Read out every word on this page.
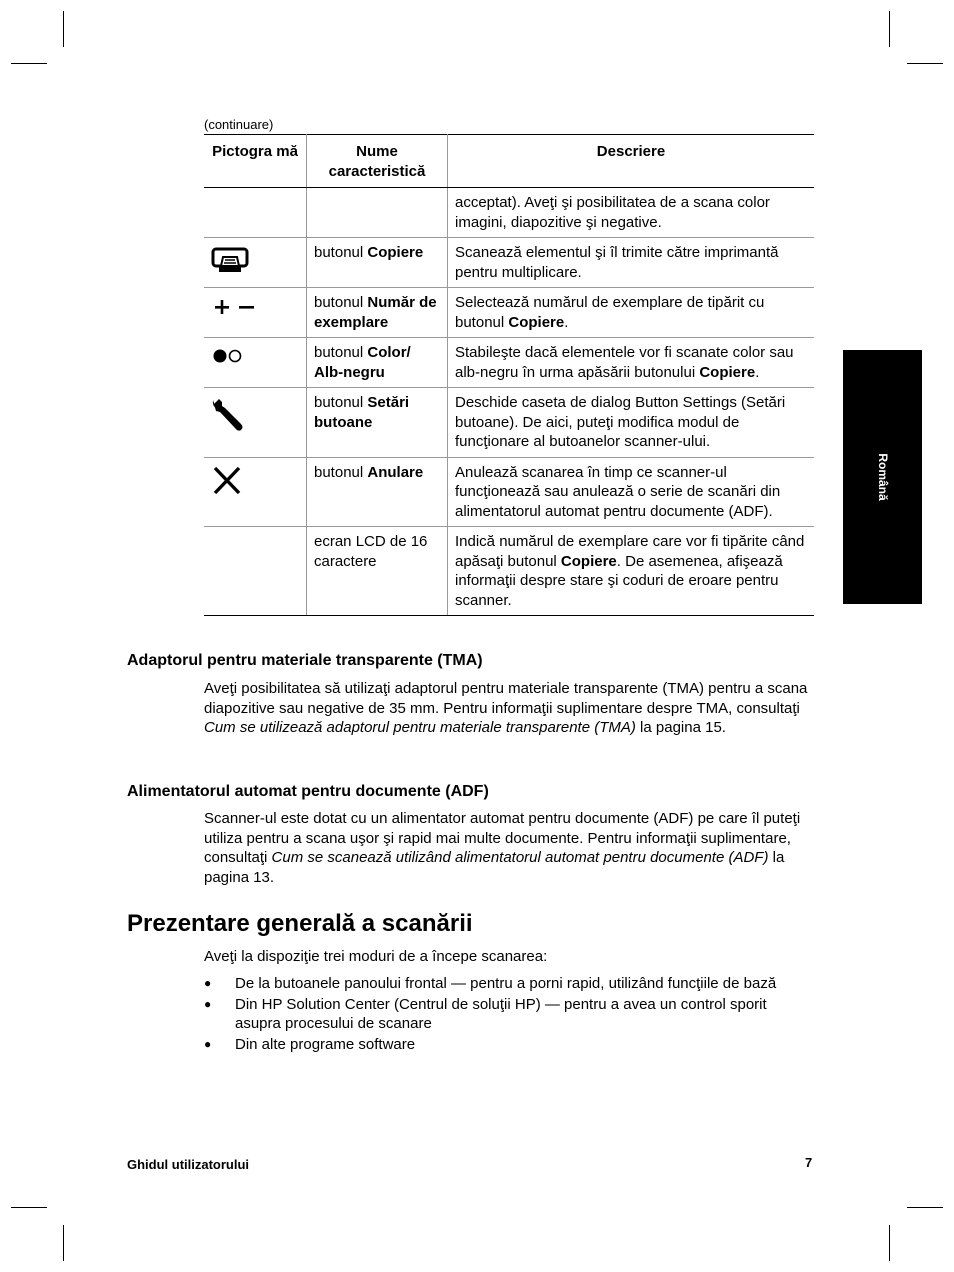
Română
(continuare)
Pictogra mă	Nume caracteristică	Descriere
		acceptat). Aveţi şi posibilitatea de a scana color imagini, diapozitive şi negative.

	butonul Copiere	Scanează elementul şi îl trimite către imprimantă pentru multiplicare.

	butonul Număr de exemplare	Selectează numărul de exemplare de tipărit cu butonul Copiere.

	butonul Color/ Alb-negru	Stabileşte dacă elementele vor fi scanate color sau alb-negru în urma apăsării butonului Copiere.

	butonul Setări butoane	Deschide caseta de dialog Button Settings (Setări butoane). De aici, puteţi modifica modul de funcţionare al butoanelor scanner-ului.

	butonul Anulare	Anulează scanarea în timp ce scanner-ul funcţionează sau anulează o serie de scanări din alimentatorul automat pentru documente (ADF).
	ecran LCD de 16 caractere	Indică numărul de exemplare care vor fi tipărite când apăsaţi butonul Copiere. De asemenea, afişează informaţii despre stare şi coduri de eroare pentru scanner.
Adaptorul pentru materiale transparente (TMA)

Aveţi posibilitatea să utilizaţi adaptorul pentru materiale transparente (TMA) pentru a scana diapozitive sau negative de 35 mm. Pentru informaţii suplimentare despre TMA, consultaţi Cum se utilizează adaptorul pentru materiale transparente (TMA) la pagina 15.

Alimentatorul automat pentru documente (ADF)

Scanner-ul este dotat cu un alimentator automat pentru documente (ADF) pe care îl puteţi utiliza pentru a scana uşor şi rapid mai multe documente. Pentru informaţii suplimentare, consultaţi Cum se scanează utilizând alimentatorul automat pentru documente (ADF) la pagina 13.

Prezentare generală a scanării

Aveţi la dispoziţie trei moduri de a începe scanarea:

● De la butoanele panoului frontal — pentru a porni rapid, utilizând funcţiile de bază
● Din HP Solution Center (Centrul de soluţii HP) — pentru a avea un control sporit asupra procesului de scanare
● Din alte programe software
Ghidul utilizatorului	7
